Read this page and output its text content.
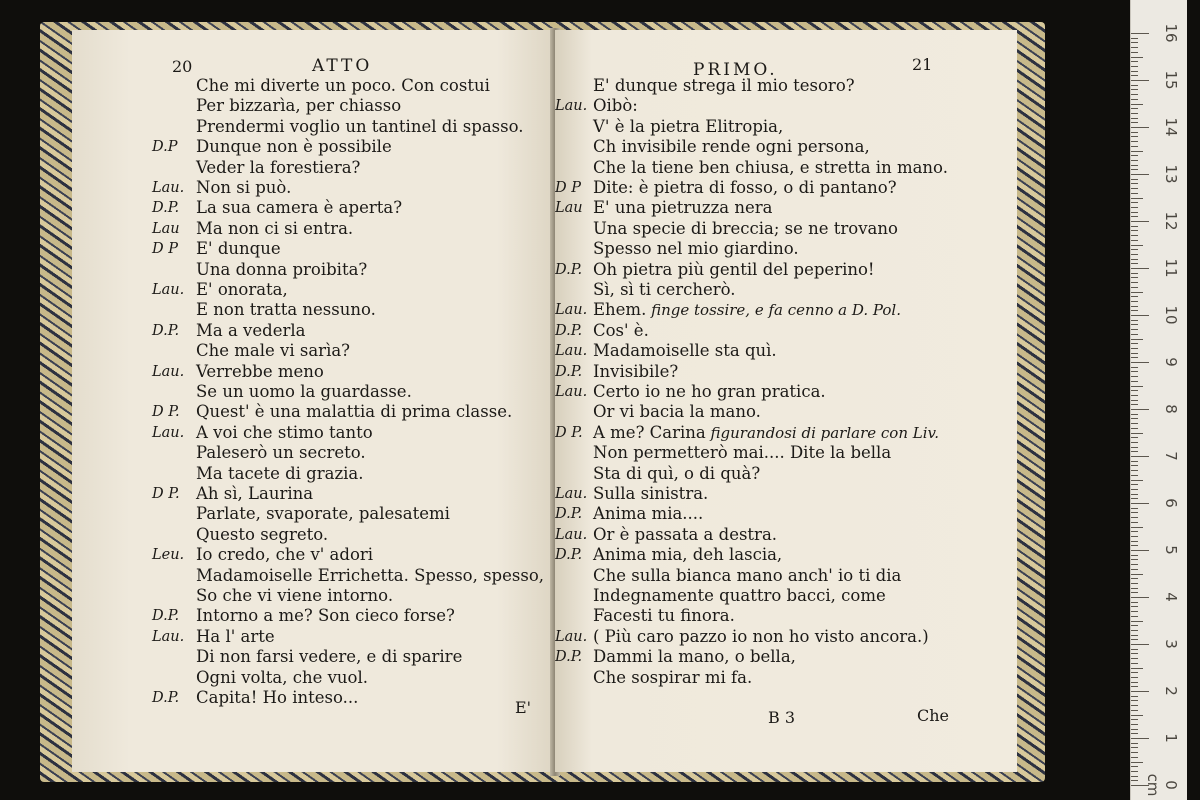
20	ATTO
Che mi diverte un poco. Con costui
Per bizzarìa, per chiasso
Prendermi voglio un tantinel di spasso.
D.P Dunque non è possibile
Veder la forestiera?
Lau. Non si può.
D.P. La sua camera è aperta?
Lau Ma non ci si entra.
D P E' dunque
Una donna proibita?
Lau. E' onorata,
E non tratta nessuno.
D.P. Ma a vederla
Che male vi sarìa?
Lau. Verrebbe meno
Se un uomo la guardasse.
D P. Quest' è una malattia di prima classe.
Lau. A voi che stimo tanto
Paleserò un secreto.
Ma tacete di grazia.
D P. Ah sì, Laurina
Parlate, svaporate, palesatemi
Questo segreto.
Leu. Io credo, che v' adori
Madamoiselle Errichetta. Spesso, spesso,
So che vi viene intorno.
D.P. Intorno a me? Son cieco forse?
Lau. Ha l' arte
Di non farsi vedere, e di sparire
Ogni volta, che vuol.
D.P. Capita! Ho inteso...
E'
PRIMO.	21
E' dunque strega il mio tesoro?
Lau. Oibò:
V' è la pietra Elitropia,
Ch invisibile rende ogni persona,
Che la tiene ben chiusa, e stretta in mano.
D P Dite: è pietra di fosso, o di pantano?
Lau E' una pietruzza nera
Una specie di breccia; se ne trovano
Spesso nel mio giardino.
D.P. Oh pietra più gentil del peperino!
Sì, sì ti cercherò.
Lau. Ehem. finge tossire, e fa cenno a D. Pol.
D.P. Cos' è.
Lau. Madamoiselle sta quì.
D.P. Invisibile?
Lau. Certo io ne ho gran pratica.
Or vi bacia la mano.
D P. A me? Carina figurandosi di parlare con Liv.
Non permetterò mai.... Dite la bella
Sta di quì, o di quà?
Lau. Sulla sinistra.
D.P. Anima mia....
Lau. Or è passata a destra.
D.P. Anima mia, deh lascia,
Che sulla bianca mano anch' io ti dia
Indegnamente quattro bacci, come
Facesti tu finora.
Lau. ( Più caro pazzo io non ho visto ancora.)
D.P. Dammi la mano, o bella,
Che sospirar mi fa.
B 3	Che
16
15
14
13
12
11
10
9
8
7
6
5
4
3
2
1
0 cm
